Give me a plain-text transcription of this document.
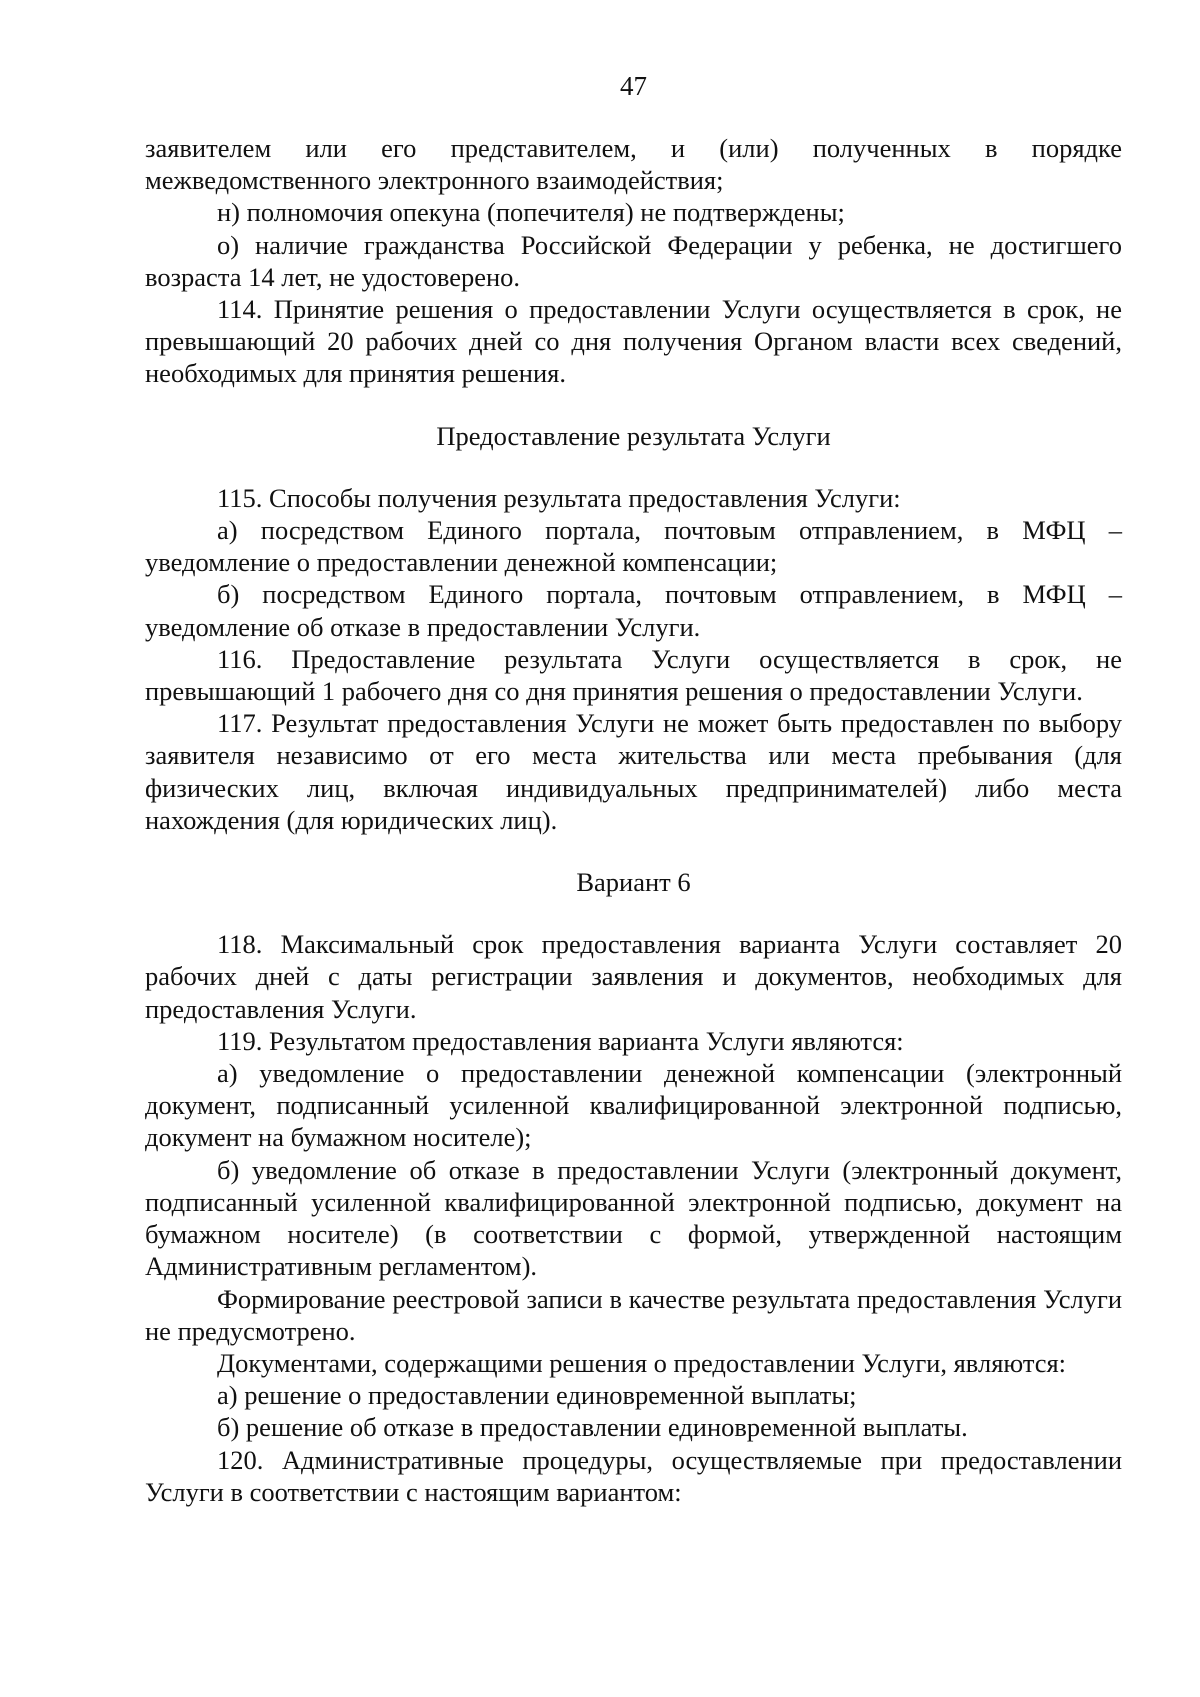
47

заявителем или его представителем, и (или) полученных в порядке межведомственного электронного взаимодействия;

н) полномочия опекуна (попечителя) не подтверждены;

о) наличие гражданства Российской Федерации у ребенка, не достигшего возраста 14 лет, не удостоверено.

114. Принятие решения о предоставлении Услуги осуществляется в срок, не превышающий 20 рабочих дней со дня получения Органом власти всех сведений, необходимых для принятия решения.

Предоставление результата Услуги

115. Способы получения результата предоставления Услуги:

а) посредством Единого портала, почтовым отправлением, в МФЦ – уведомление о предоставлении денежной компенсации;

б) посредством Единого портала, почтовым отправлением, в МФЦ – уведомление об отказе в предоставлении Услуги.

116. Предоставление результата Услуги осуществляется в срок, не превышающий 1 рабочего дня со дня принятия решения о предоставлении Услуги.

117. Результат предоставления Услуги не может быть предоставлен по выбору заявителя независимо от его места жительства или места пребывания (для физических лиц, включая индивидуальных предпринимателей) либо места нахождения (для юридических лиц).

Вариант 6

118. Максимальный срок предоставления варианта Услуги составляет 20 рабочих дней с даты регистрации заявления и документов, необходимых для предоставления Услуги.

119. Результатом предоставления варианта Услуги являются:

а) уведомление о предоставлении денежной компенсации (электронный документ, подписанный усиленной квалифицированной электронной подписью, документ на бумажном носителе);

б) уведомление об отказе в предоставлении Услуги (электронный документ, подписанный усиленной квалифицированной электронной подписью, документ на бумажном носителе) (в соответствии с формой, утвержденной настоящим Административным регламентом).

Формирование реестровой записи в качестве результата предоставления Услуги не предусмотрено.

Документами, содержащими решения о предоставлении Услуги, являются:

а) решение о предоставлении единовременной выплаты;

б) решение об отказе в предоставлении единовременной выплаты.

120. Административные процедуры, осуществляемые при предоставлении Услуги в соответствии с настоящим вариантом:
